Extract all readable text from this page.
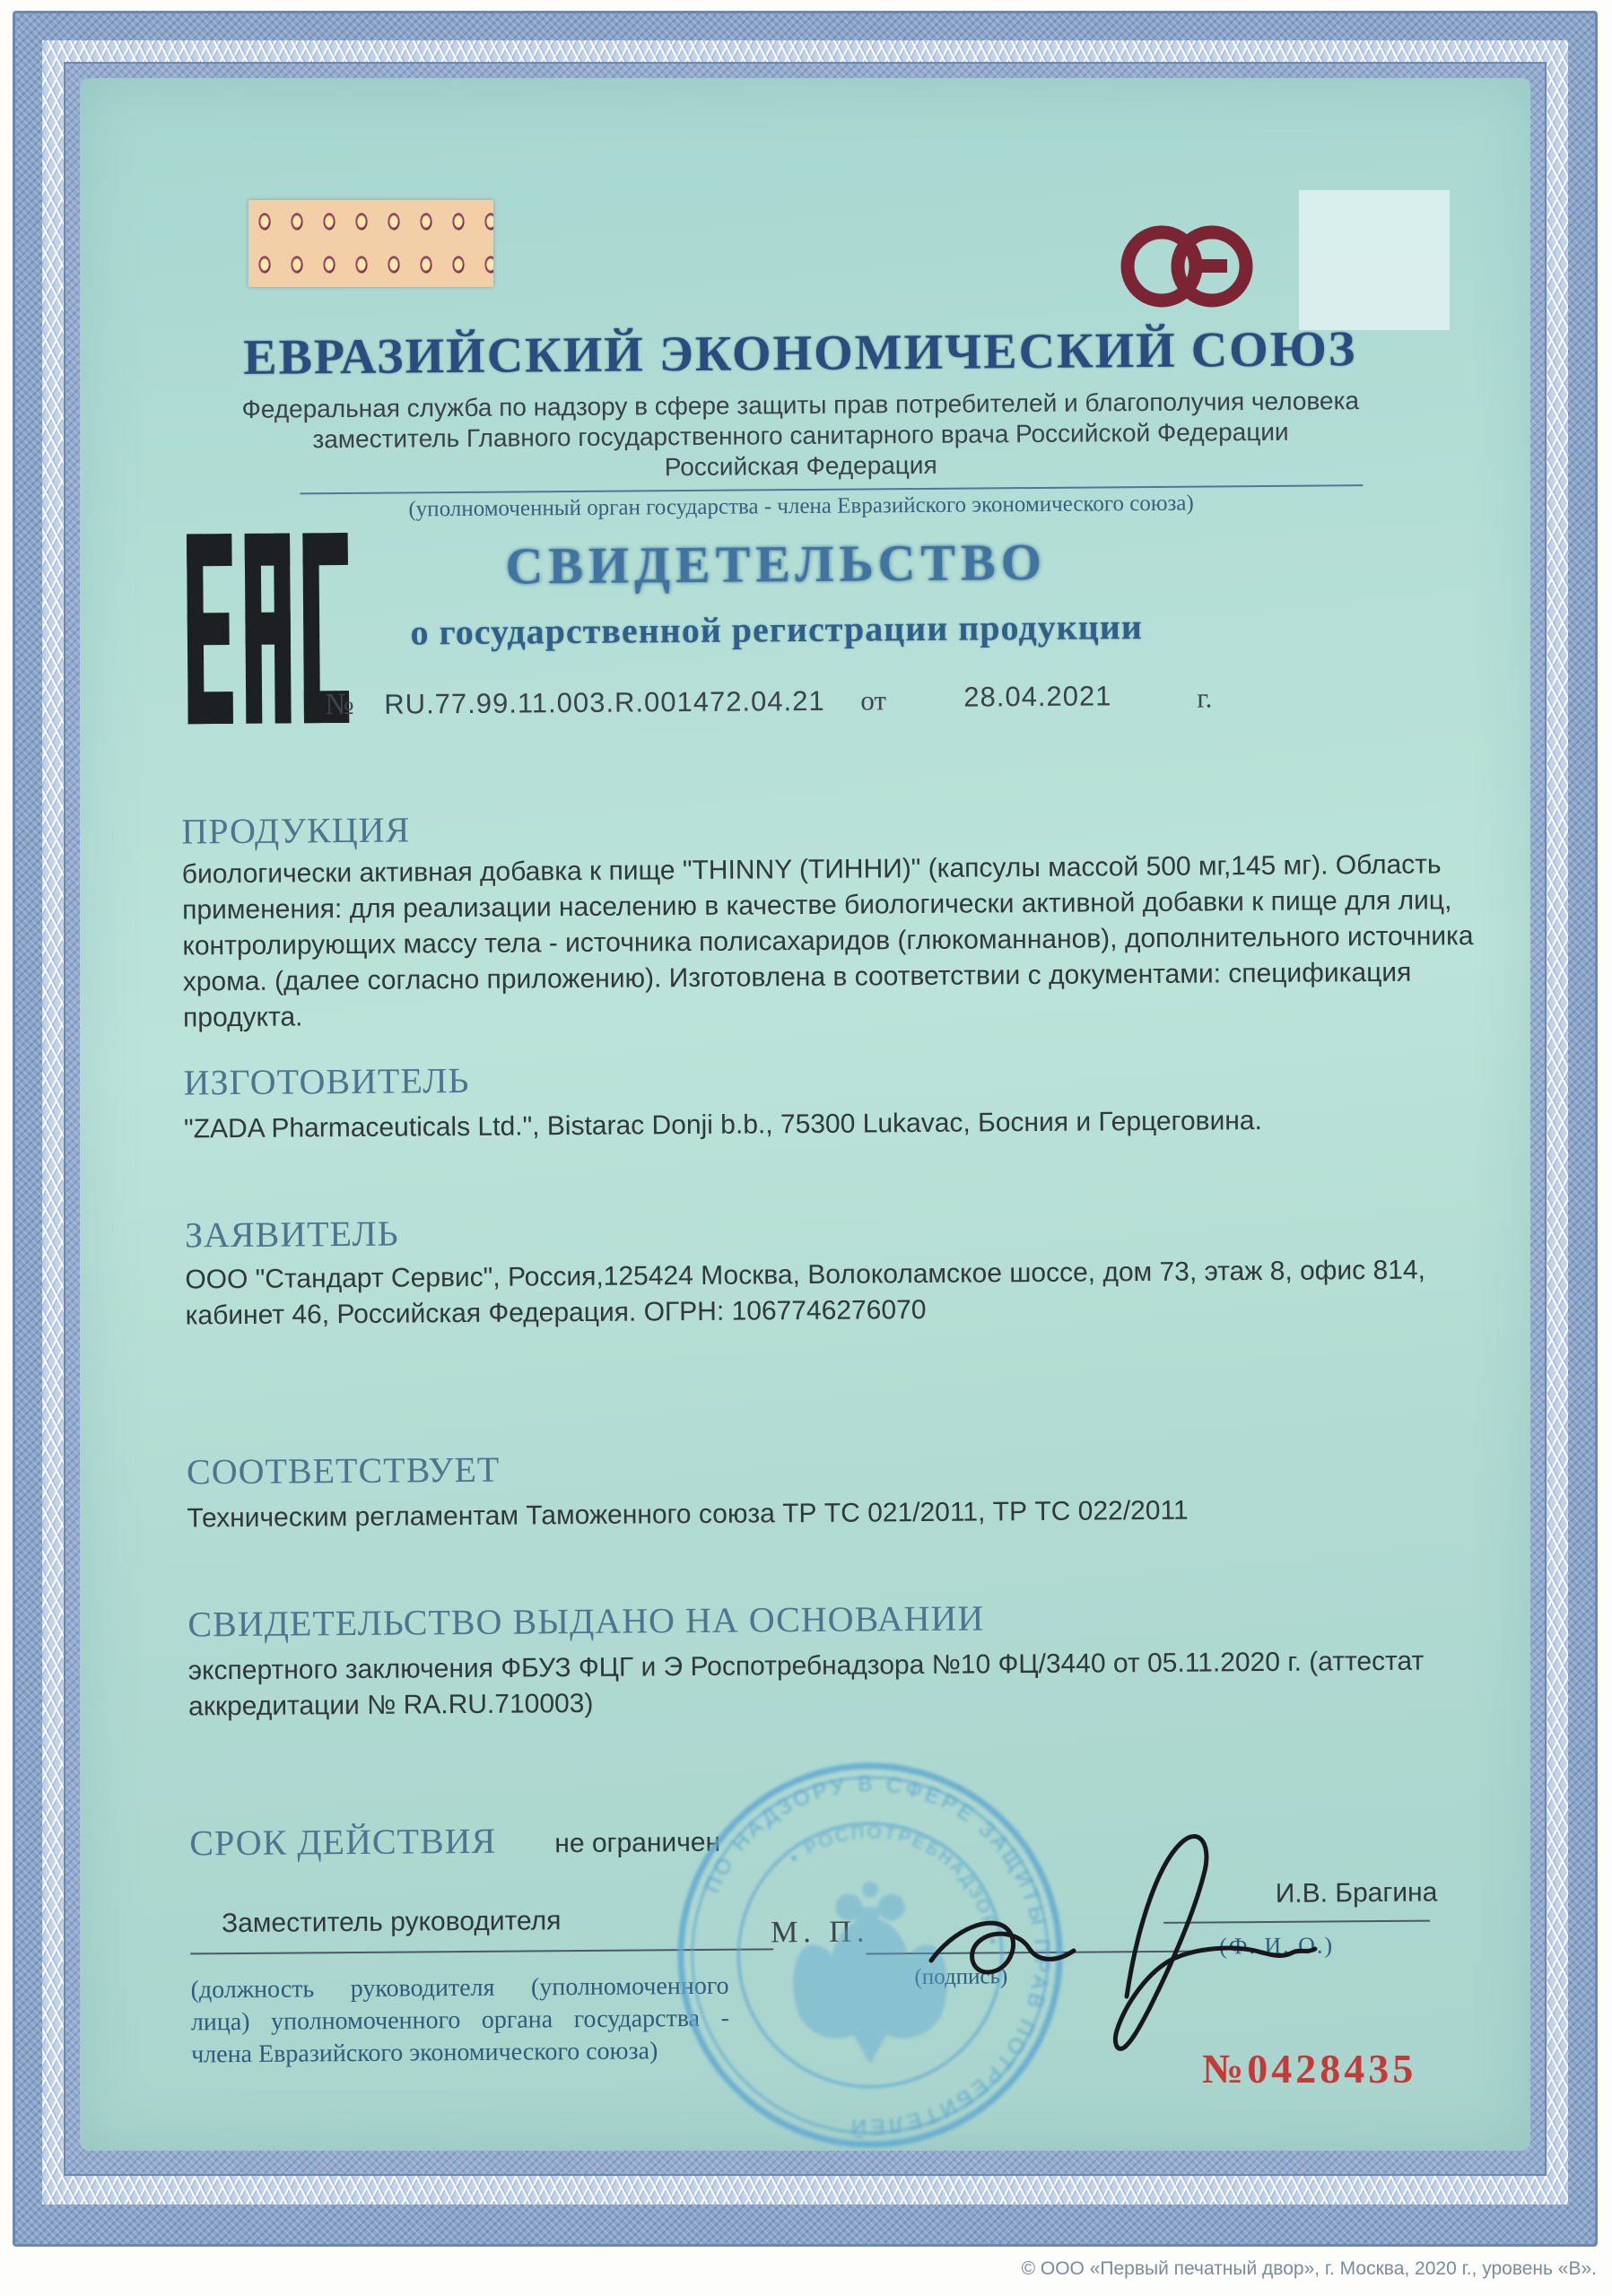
ЕВРАЗИЙСКИЙ ЭКОНОМИЧЕСКИЙ СОЮЗ
Федеральная служба по надзору в сфере защиты прав потребителей и благополучия человека
заместитель Главного государственного санитарного врача Российской Федерации
Российская Федерация
(уполномоченный орган государства - члена Евразийского экономического союза)
СВИДЕТЕЛЬСТВО
о государственной регистрации продукции
№ RU.77.99.11.003.R.001472.04.21 от	28.04.2021	г.
ПРОДУКЦИЯ
биологически активная добавка к пище "THINNY (ТИННИ)" (капсулы массой 500 мг,145 мг). Область применения: для реализации населению в качестве биологически активной добавки к пище для лиц, контролирующих массу тела - источника полисахаридов (глюкоманнанов), дополнительного источника хрома. (далее согласно приложению). Изготовлена в соответствии с документами: спецификация продукта.
ИЗГОТОВИТЕЛЬ
"ZADA Pharmaceuticals Ltd.", Bistarac Donji b.b., 75300 Lukavac, Босния и Герцеговина.
ЗАЯВИТЕЛЬ
ООО "Стандарт Сервис", Россия,125424 Москва, Волоколамское шоссе, дом 73, этаж 8, офис 814, кабинет 46, Российская Федерация. ОГРН: 1067746276070
СООТВЕТСТВУЕТ
Техническим регламентам Таможенного союза ТР ТС 021/2011, ТР ТС 022/2011
СВИДЕТЕЛЬСТВО ВЫДАНО НА ОСНОВАНИИ
экспертного заключения ФБУЗ ФЦГ и Э Роспотребнадзора №10 ФЦ/3440 от 05.11.2020 г. (аттестат аккредитации № RA.RU.710003)
СРОК ДЕЙСТВИЯ не ограничен
Заместитель руководителя
(должность руководителя (уполномоченного лица) уполномоченного органа государства - члена Евразийского экономического союза)
М. П.
(подпись)
И.В. Брагина
(Ф. И. О.)
ПО НАДЗОРУ В СФЕРЕ ЗАЩИТЫ ПРАВ ПОТРЕБИТЕЛЕЙ
• РОСПОТРЕБНАДЗОР •
№0428435
© ООО «Первый печатный двор», г. Москва, 2020 г., уровень «В».
